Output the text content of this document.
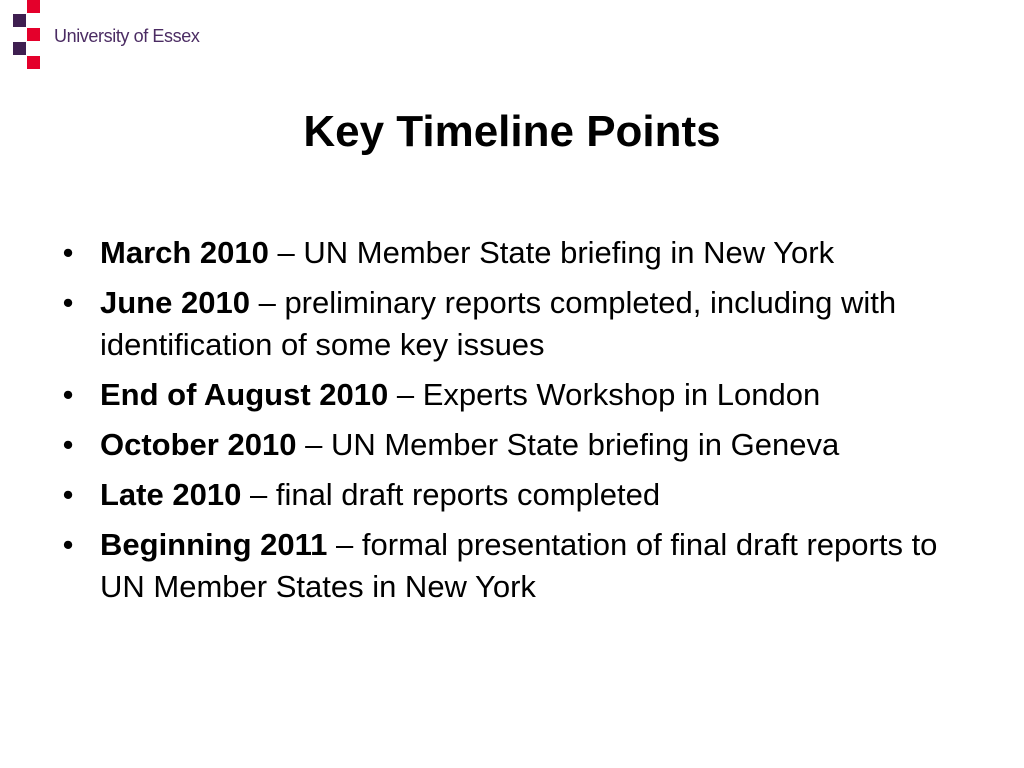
University of Essex
Key Timeline Points
• March 2010 – UN Member State briefing in New York
• June 2010 – preliminary reports completed, including with identification of some key issues
• End of August 2010 – Experts Workshop in London
• October 2010 – UN Member State briefing in Geneva
• Late 2010 – final draft reports completed
• Beginning 2011 – formal presentation of final draft reports to UN Member States in New York
